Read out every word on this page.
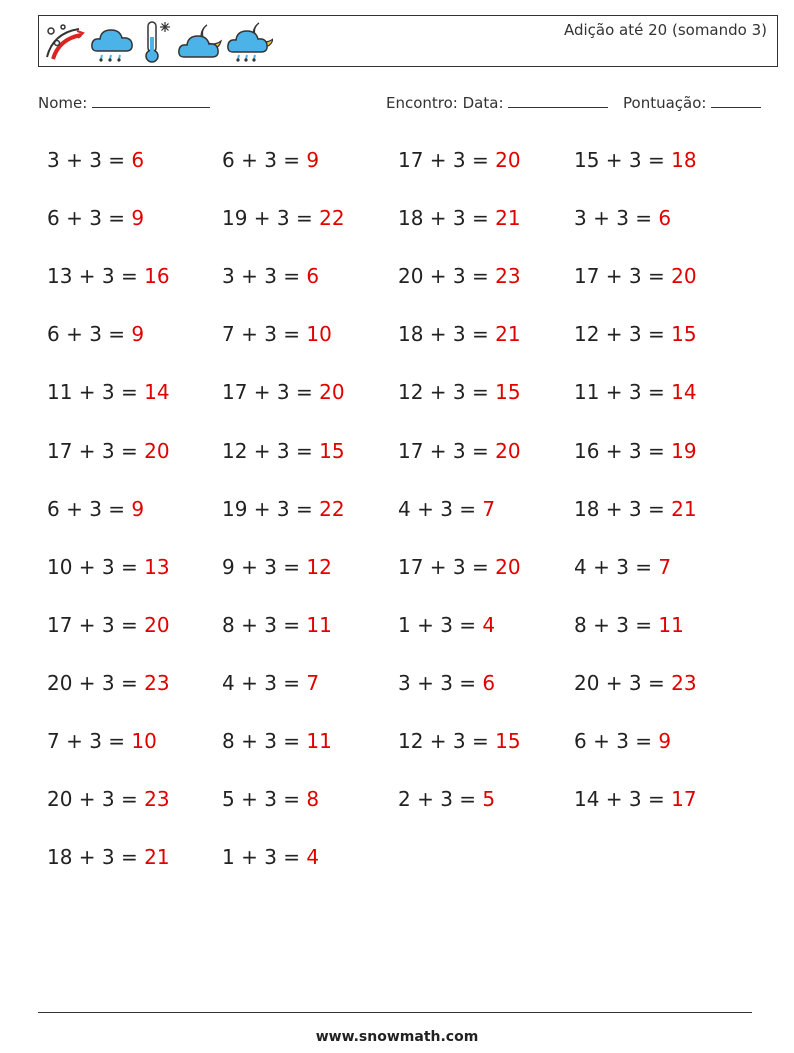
Adição até 20 (somando 3)
Nome:	Encontro: Data:	Pontuação:
3 + 3 = 6	6 + 3 = 9	17 + 3 = 20	15 + 3 = 18
6 + 3 = 9	19 + 3 = 22	18 + 3 = 21	3 + 3 = 6
13 + 3 = 16	3 + 3 = 6	20 + 3 = 23	17 + 3 = 20
6 + 3 = 9	7 + 3 = 10	18 + 3 = 21	12 + 3 = 15
11 + 3 = 14	17 + 3 = 20	12 + 3 = 15	11 + 3 = 14
17 + 3 = 20	12 + 3 = 15	17 + 3 = 20	16 + 3 = 19
6 + 3 = 9	19 + 3 = 22	4 + 3 = 7	18 + 3 = 21
10 + 3 = 13	9 + 3 = 12	17 + 3 = 20	4 + 3 = 7
17 + 3 = 20	8 + 3 = 11	1 + 3 = 4	8 + 3 = 11
20 + 3 = 23	4 + 3 = 7	3 + 3 = 6	20 + 3 = 23
7 + 3 = 10	8 + 3 = 11	12 + 3 = 15	6 + 3 = 9
20 + 3 = 23	5 + 3 = 8	2 + 3 = 5	14 + 3 = 17
18 + 3 = 21	1 + 3 = 4
www.snowmath.com
